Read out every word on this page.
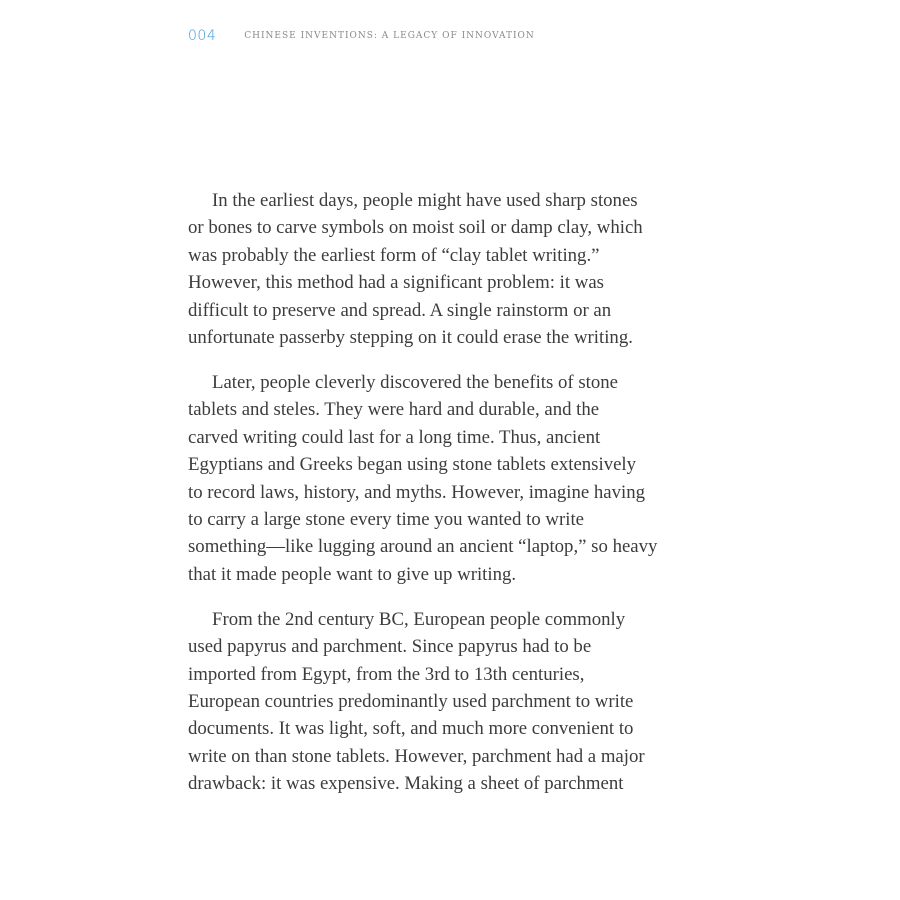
004	CHINESE INVENTIONS: A LEGACY OF INNOVATION

In the earliest days, people might have used sharp stones
or bones to carve symbols on moist soil or damp clay, which
was probably the earliest form of “clay tablet writing.”
However, this method had a significant problem: it was
difficult to preserve and spread. A single rainstorm or an
unfortunate passerby stepping on it could erase the writing.

Later, people cleverly discovered the benefits of stone
tablets and steles. They were hard and durable, and the
carved writing could last for a long time. Thus, ancient
Egyptians and Greeks began using stone tablets extensively
to record laws, history, and myths. However, imagine having
to carry a large stone every time you wanted to write
something—like lugging around an ancient “laptop,” so heavy
that it made people want to give up writing.

From the 2nd century BC, European people commonly
used papyrus and parchment. Since papyrus had to be
imported from Egypt, from the 3rd to 13th centuries,
European countries predominantly used parchment to write
documents. It was light, soft, and much more convenient to
write on than stone tablets. However, parchment had a major
drawback: it was expensive. Making a sheet of parchment
